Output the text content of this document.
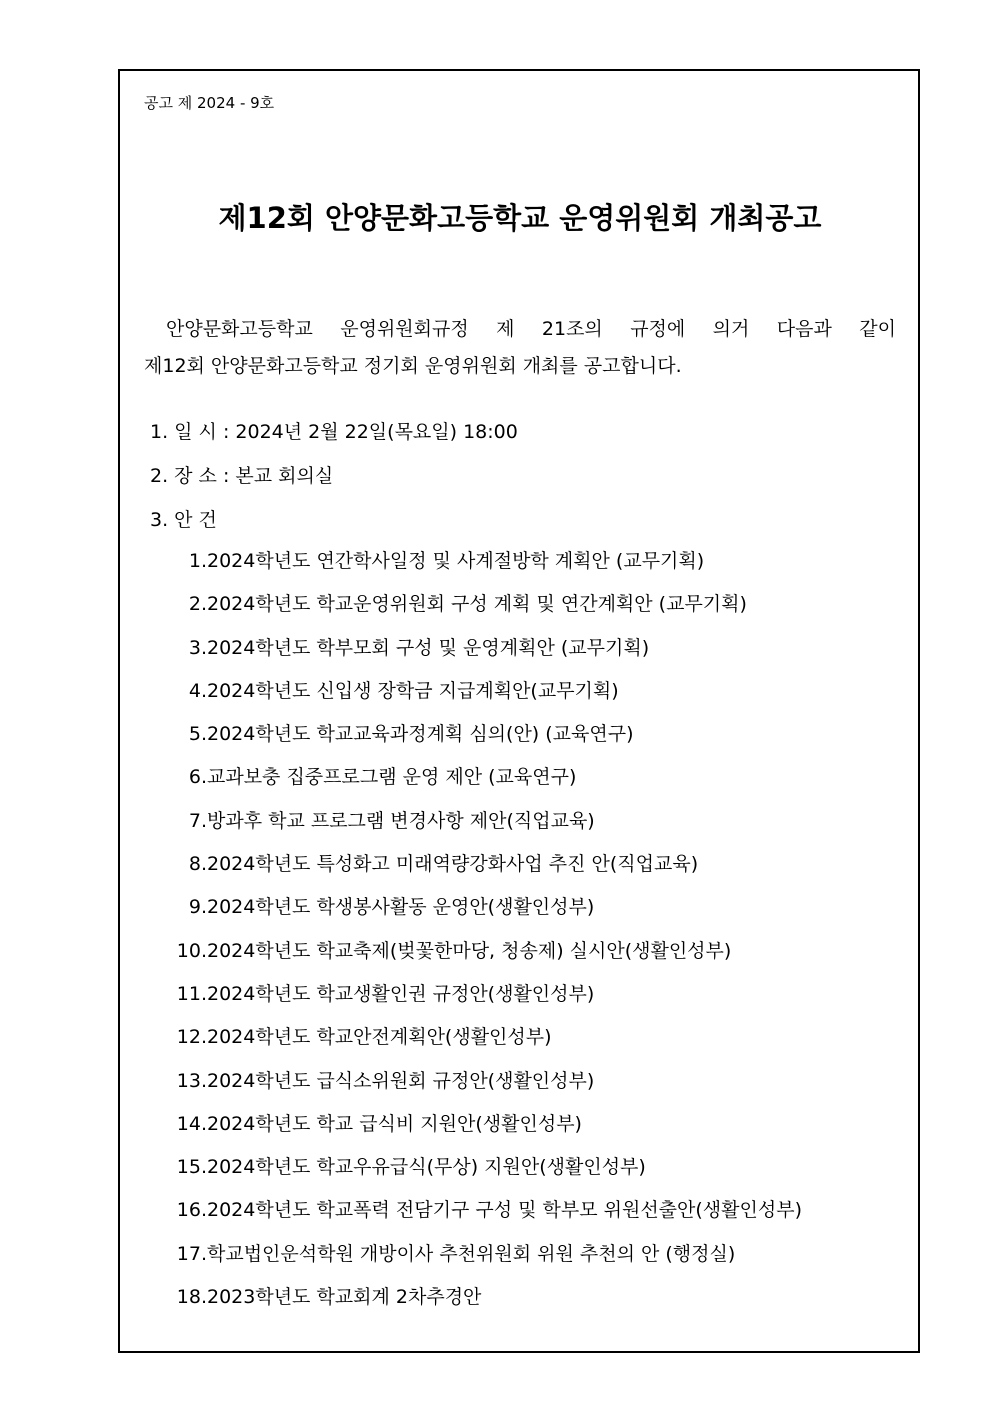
공고 제 2024 - 9호
제12회 안양문화고등학교 운영위원회 개최공고
안양문화고등학교 운영위원회규정 제 21조의 규정에 의거 다음과 같이
제12회 안양문화고등학교 정기회 운영위원회 개최를 공고합니다.
1. 일 시 : 2024년 2월 22일(목요일) 18:00
2. 장 소 : 본교 회의실
3. 안 건
1. 2024학년도 연간학사일정 및 사계절방학 계획안 (교무기획)
2. 2024학년도 학교운영위원회 구성 계획 및 연간계획안 (교무기획)
3. 2024학년도 학부모회 구성 및 운영계획안 (교무기획)
4. 2024학년도 신입생 장학금 지급계획안(교무기획)
5. 2024학년도 학교교육과정계획 심의(안) (교육연구)
6. 교과보충 집중프로그램 운영 제안 (교육연구)
7. 방과후 학교 프로그램 변경사항 제안(직업교육)
8. 2024학년도 특성화고 미래역량강화사업 추진 안(직업교육)
9. 2024학년도 학생봉사활동 운영안(생활인성부)
10. 2024학년도 학교축제(벚꽃한마당, 청송제) 실시안(생활인성부)
11. 2024학년도 학교생활인권 규정안(생활인성부)
12. 2024학년도 학교안전계획안(생활인성부)
13. 2024학년도 급식소위원회 규정안(생활인성부)
14. 2024학년도 학교 급식비 지원안(생활인성부)
15. 2024학년도 학교우유급식(무상) 지원안(생활인성부)
16. 2024학년도 학교폭력 전담기구 구성 및 학부모 위원선출안(생활인성부)
17. 학교법인운석학원 개방이사 추천위원회 위원 추천의 안 (행정실)
18. 2023학년도 학교회계 2차추경안
